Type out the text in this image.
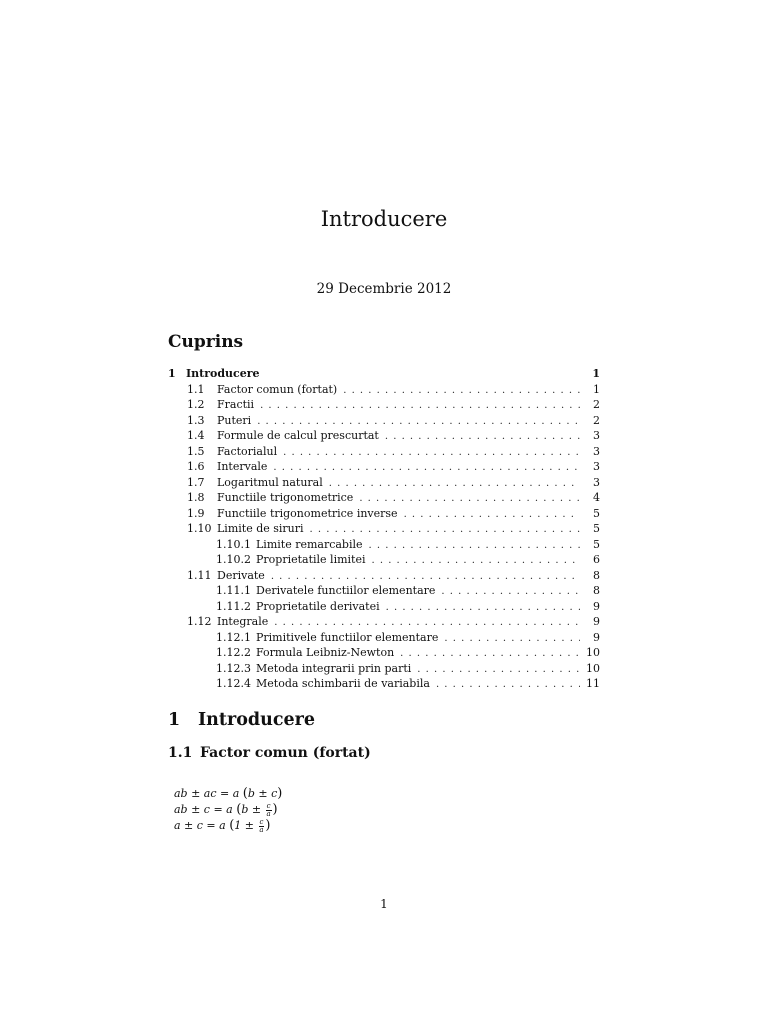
Introducere
29 Decembrie 2012
Cuprins
1 Introducere	1
1.1	Factor comun (fortat) . . .	1
1.2	Fractii . . .	2
1.3	Puteri . . .	2
1.4	Formule de calcul prescurtat . . .	3
1.5	Factorialul . . .	3
1.6	Intervale . . .	3
1.7	Logaritmul natural . . .	3
1.8	Functiile trigonometrice . . .	4
1.9	Functiile trigonometrice inverse . . .	5
1.10 Limite de siruri . . .	5
1.10.1 Limite remarcabile . . .	5
1.10.2 Proprietatile limitei . . .	6
1.11 Derivate . . .	8
1.11.1 Derivatele functiilor elementare . . .	8
1.11.2 Proprietatile derivatei . . .	9
1.12 Integrale . . .	9
1.12.1 Primitivele functiilor elementare . . .	9
1.12.2 Formula Leibniz-Newton . . .	10
1.12.3 Metoda integrarii prin parti . . .	10
1.12.4 Metoda schimbarii de variabila . . .	11
1 Introducere
1.1 Factor comun (fortat)
ab ± ac = a (b ± c)
ab ± c = a ($b \pm \frac{c}{a}$ )
a ± c = a ($1 \pm \frac{c}{a}$ )
1
